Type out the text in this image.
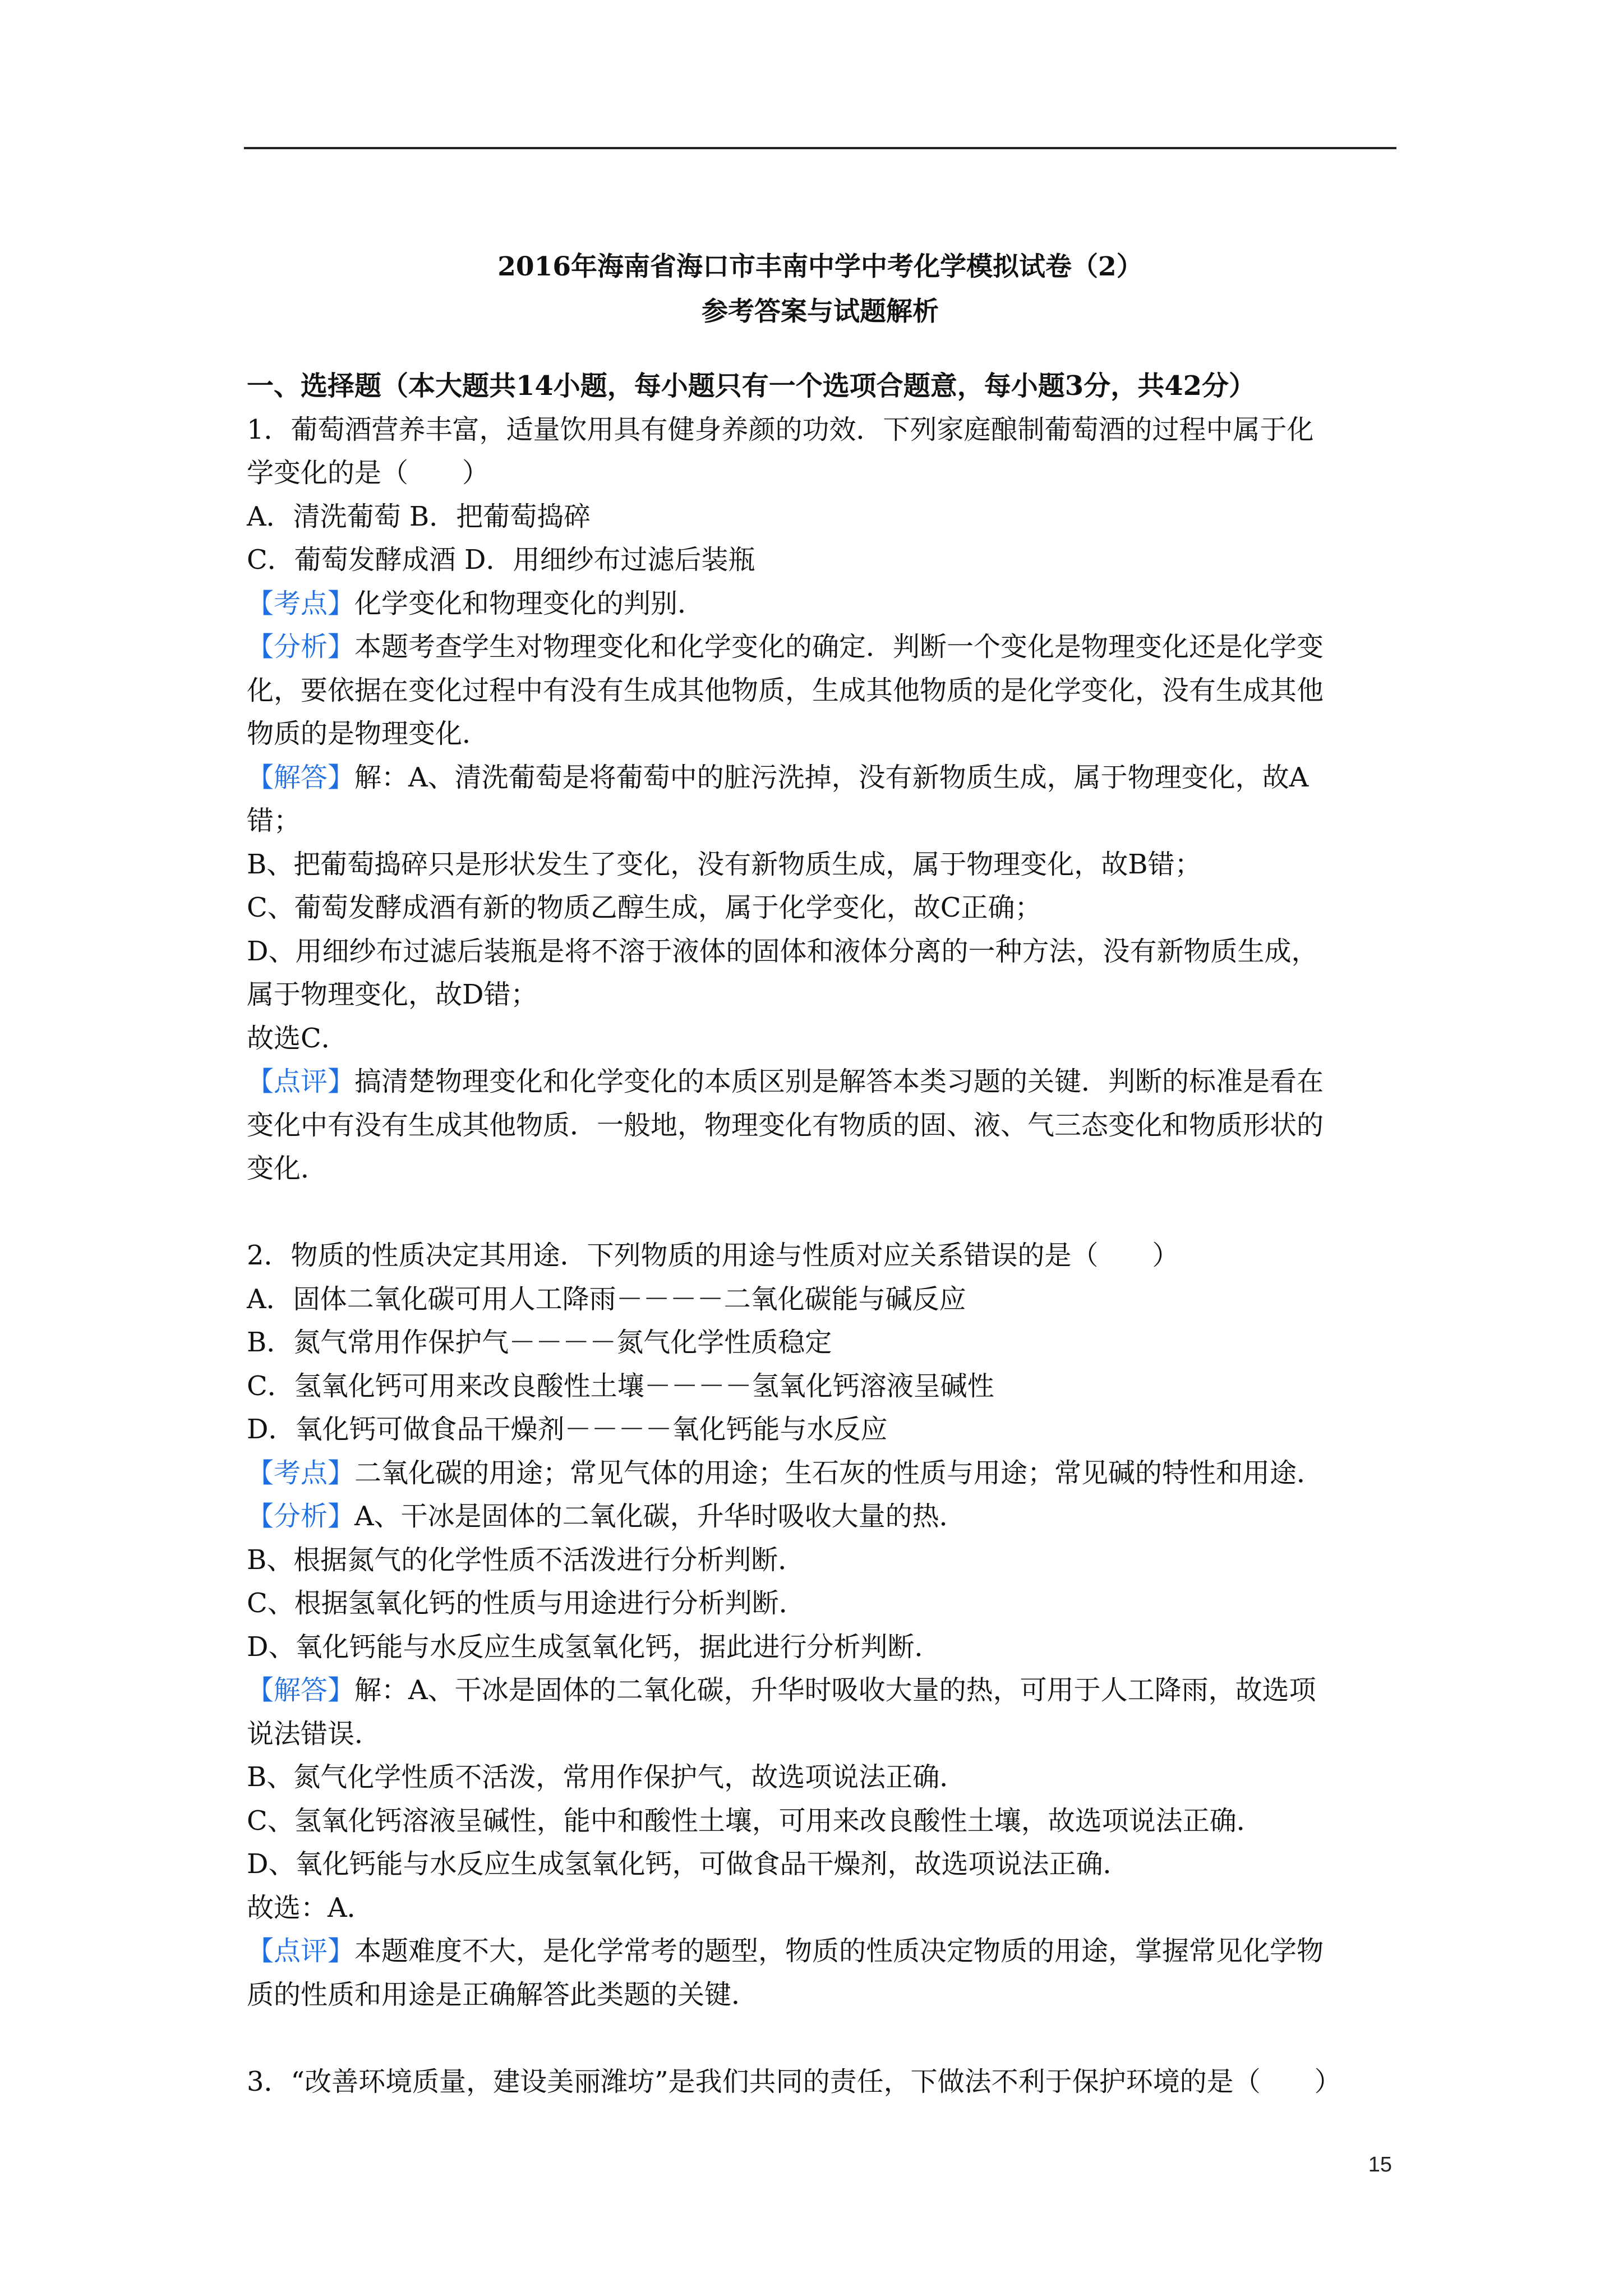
2016年海南省海口市丰南中学中考化学模拟试卷（2）
参考答案与试题解析
一、选择题（本大题共14小题，每小题只有一个选项合题意，每小题3分，共42分）
1．葡萄酒营养丰富，适量饮用具有健身养颜的功效．下列家庭酿制葡萄酒的过程中属于化
学变化的是（　　）
A．清洗葡萄 B．把葡萄捣碎
C．葡萄发酵成酒 D．用细纱布过滤后装瓶
【考点】化学变化和物理变化的判别．
【分析】本题考查学生对物理变化和化学变化的确定．判断一个变化是物理变化还是化学变
化，要依据在变化过程中有没有生成其他物质，生成其他物质的是化学变化，没有生成其他
物质的是物理变化．
【解答】解：A、清洗葡萄是将葡萄中的脏污洗掉，没有新物质生成，属于物理变化，故A
错；
B、把葡萄捣碎只是形状发生了变化，没有新物质生成，属于物理变化，故B错；
C、葡萄发酵成酒有新的物质乙醇生成，属于化学变化，故C正确；
D、用细纱布过滤后装瓶是将不溶于液体的固体和液体分离的一种方法，没有新物质生成，
属于物理变化，故D错；
故选C．
【点评】搞清楚物理变化和化学变化的本质区别是解答本类习题的关键．判断的标准是看在
变化中有没有生成其他物质．一般地，物理变化有物质的固、液、气三态变化和物质形状的
变化．
2．物质的性质决定其用途．下列物质的用途与性质对应关系错误的是（　　）
A．固体二氧化碳可用人工降雨－－－－二氧化碳能与碱反应
B．氮气常用作保护气－－－－氮气化学性质稳定
C．氢氧化钙可用来改良酸性土壤－－－－氢氧化钙溶液呈碱性
D．氧化钙可做食品干燥剂－－－－氧化钙能与水反应
【考点】二氧化碳的用途；常见气体的用途；生石灰的性质与用途；常见碱的特性和用途．
【分析】A、干冰是固体的二氧化碳，升华时吸收大量的热．
B、根据氮气的化学性质不活泼进行分析判断．
C、根据氢氧化钙的性质与用途进行分析判断．
D、氧化钙能与水反应生成氢氧化钙，据此进行分析判断．
【解答】解：A、干冰是固体的二氧化碳，升华时吸收大量的热，可用于人工降雨，故选项
说法错误．
B、氮气化学性质不活泼，常用作保护气，故选项说法正确．
C、氢氧化钙溶液呈碱性，能中和酸性土壤，可用来改良酸性土壤，故选项说法正确．
D、氧化钙能与水反应生成氢氧化钙，可做食品干燥剂，故选项说法正确．
故选：A．
【点评】本题难度不大，是化学常考的题型，物质的性质决定物质的用途，掌握常见化学物
质的性质和用途是正确解答此类题的关键．
3．“改善环境质量，建设美丽潍坊”是我们共同的责任，下做法不利于保护环境的是（　　）
15
